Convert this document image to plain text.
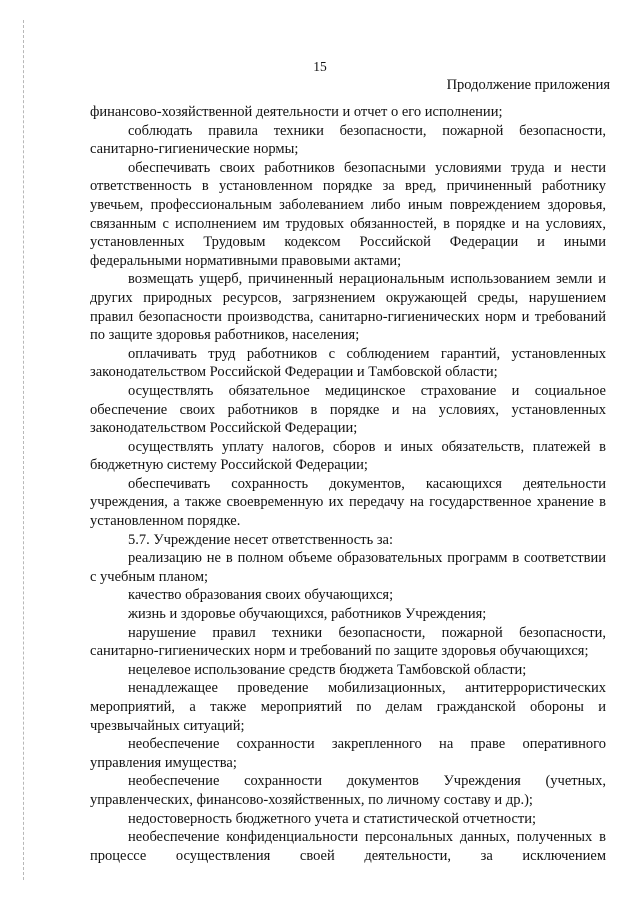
15
Продолжение приложения

финансово-хозяйственной деятельности и отчет о его исполнении;

соблюдать правила техники безопасности, пожарной безопасности, санитарно-гигиенические нормы;

обеспечивать своих работников безопасными условиями труда и нести ответственность в установленном порядке за вред, причиненный работнику увечьем, профессиональным заболеванием либо иным повреждением здоровья, связанным с исполнением им трудовых обязанностей, в порядке и на условиях, установленных Трудовым кодексом Российской Федерации и иными федеральными нормативными правовыми актами;

возмещать ущерб, причиненный нерациональным использованием земли и других природных ресурсов, загрязнением окружающей среды, нарушением правил безопасности производства, санитарно-гигиенических норм и требований по защите здоровья работников, населения;

оплачивать труд работников с соблюдением гарантий, установленных законодательством Российской Федерации и Тамбовской области;

осуществлять обязательное медицинское страхование и социальное обеспечение своих работников в порядке и на условиях, установленных законодательством Российской Федерации;

осуществлять уплату налогов, сборов и иных обязательств, платежей в бюджетную систему Российской Федерации;

обеспечивать сохранность документов, касающихся деятельности учреждения, а также своевременную их передачу на государственное хранение в установленном порядке.

5.7. Учреждение несет ответственность за:

реализацию не в полном объеме образовательных программ в соответствии с учебным планом;

качество образования своих обучающихся;

жизнь и здоровье обучающихся, работников Учреждения;

нарушение правил техники безопасности, пожарной безопасности, санитарно-гигиенических норм и требований по защите здоровья обучающихся;

нецелевое использование средств бюджета Тамбовской области;

ненадлежащее проведение мобилизационных, антитеррористических мероприятий, а также мероприятий по делам гражданской обороны и чрезвычайных ситуаций;

необеспечение сохранности закрепленного на праве оперативного управления имущества;

необеспечение сохранности документов Учреждения (учетных, управленческих, финансово-хозяйственных, по личному составу и др.);

недостоверность бюджетного учета и статистической отчетности;

необеспечение конфиденциальности персональных данных, полученных в процессе осуществления своей деятельности, за исключением
